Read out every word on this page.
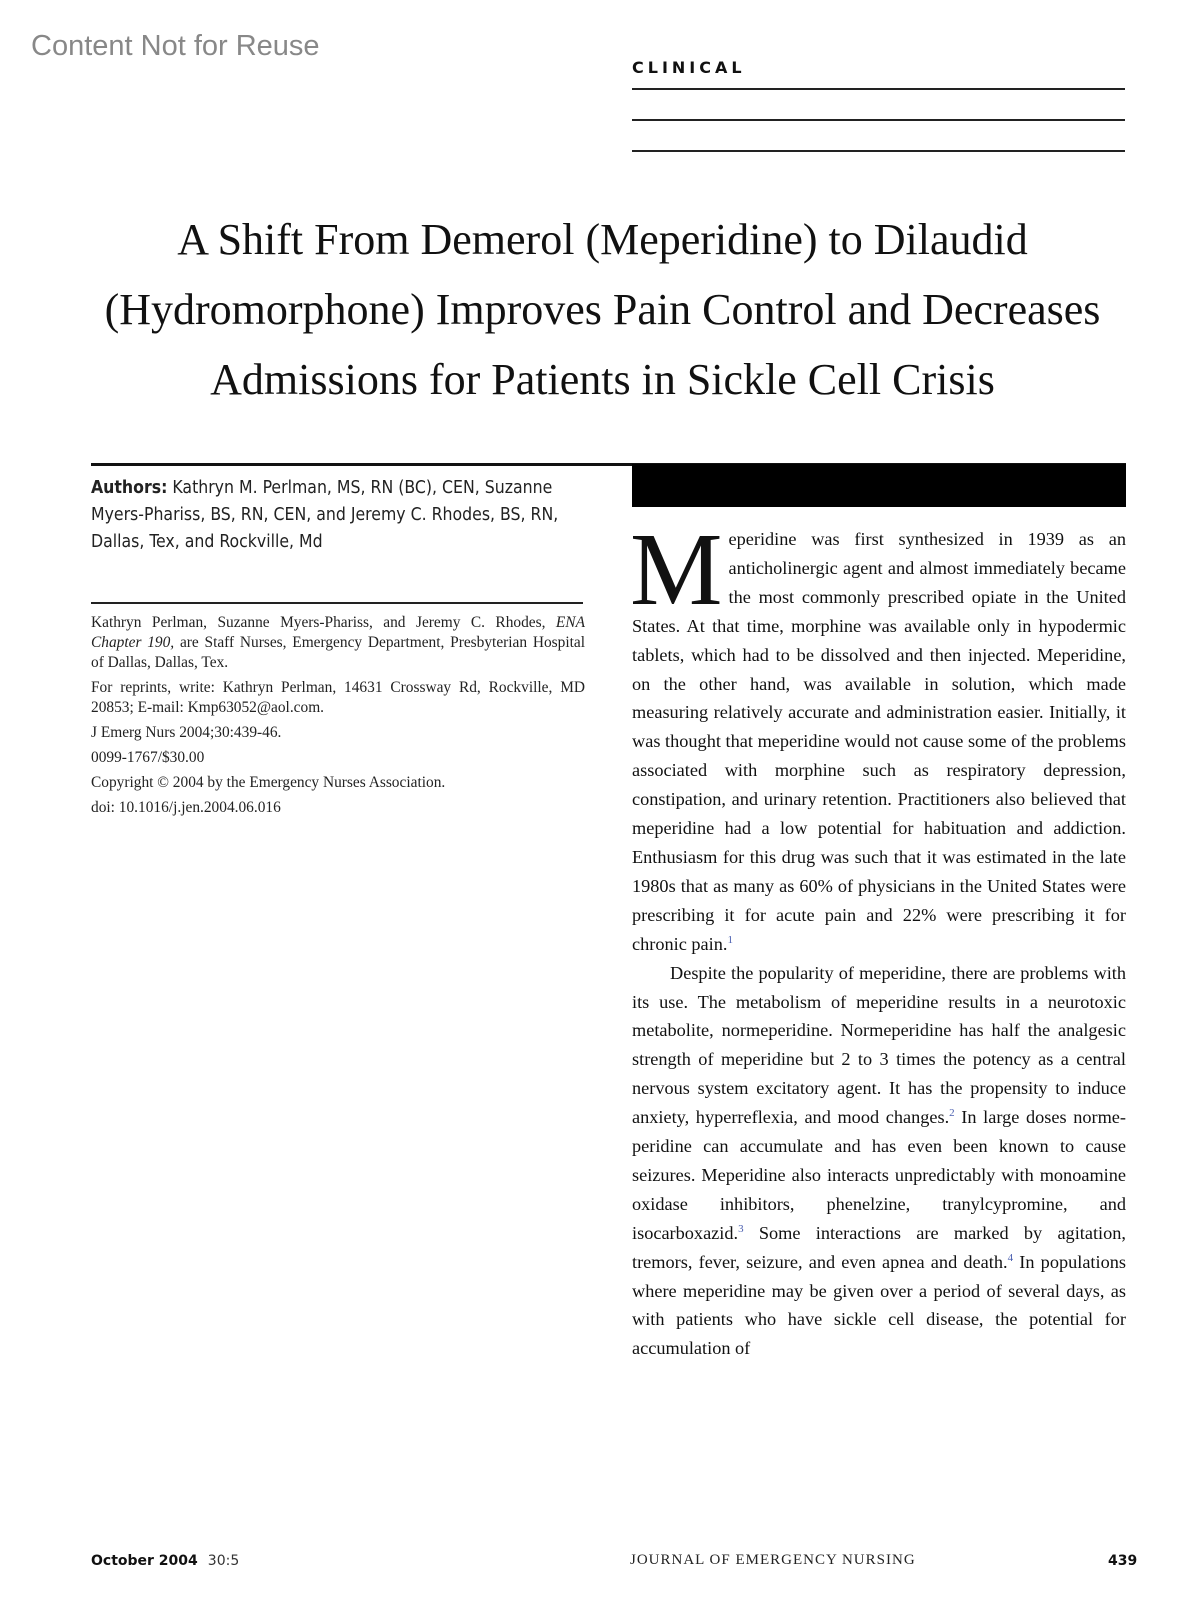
Content Not for Reuse
CLINICAL
A Shift From Demerol (Meperidine) to Dilaudid
(Hydromorphone) Improves Pain Control and Decreases
Admissions for Patients in Sickle Cell Crisis
Authors: Kathryn M. Perlman, MS, RN (BC), CEN, Suzanne Myers-Phariss, BS, RN, CEN, and Jeremy C. Rhodes, BS, RN, Dallas, Tex, and Rockville, Md

Kathryn Perlman, Suzanne Myers-Phariss, and Jeremy C. Rhodes, ENA Chapter 190, are Staff Nurses, Emergency Department, Presbyterian Hospital of Dallas, Dallas, Tex.

For reprints, write: Kathryn Perlman, 14631 Crossway Rd, Rockville, MD 20853; E-mail: Kmp63052@aol.com.

J Emerg Nurs 2004;30:439-46.

0099-1767/$30.00

Copyright © 2004 by the Emergency Nurses Association.

doi: 10.1016/j.jen.2004.06.016

Meperidine was first synthesized in 1939 as an anticholinergic agent and almost immediately became the most commonly prescribed opiate in the United States. At that time, morphine was available only in hypodermic tablets, which had to be dissolved and then injected. Meperidine, on the other hand, was available in solution, which made measuring relatively accurate and administration easier. Initially, it was thought that meperidine would not cause some of the problems associated with morphine such as respiratory depression, constipation, and urinary retention. Practitioners also believed that meperidine had a low potential for habituation and addiction. Enthusiasm for this drug was such that it was estimated in the late 1980s that as many as 60% of physicians in the United States were prescribing it for acute pain and 22% were prescribing it for chronic pain.$^1$

Despite the popularity of meperidine, there are problems with its use. The metabolism of meperidine results in a neurotoxic metabolite, normeperidine. Normeperidine has half the analgesic strength of meperidine but 2 to 3 times the potency as a central nervous system excitatory agent. It has the propensity to induce anxiety, hyperreflexia, and mood changes.$^2$ In large doses normeperidine can accumulate and has even been known to cause seizures. Meperidine also interacts unpredictably with monoamine oxidase inhibitors, phenelzine, tranylcypromine, and isocarboxazid.$^3$ Some interactions are marked by agitation, tremors, fever, seizure, and even apnea and death.$^4$ In populations where meperidine may be given over a period of several days, as with patients who have sickle cell disease, the potential for accumulation of

October 2004 30:5	JOURNAL OF EMERGENCY NURSING	439
